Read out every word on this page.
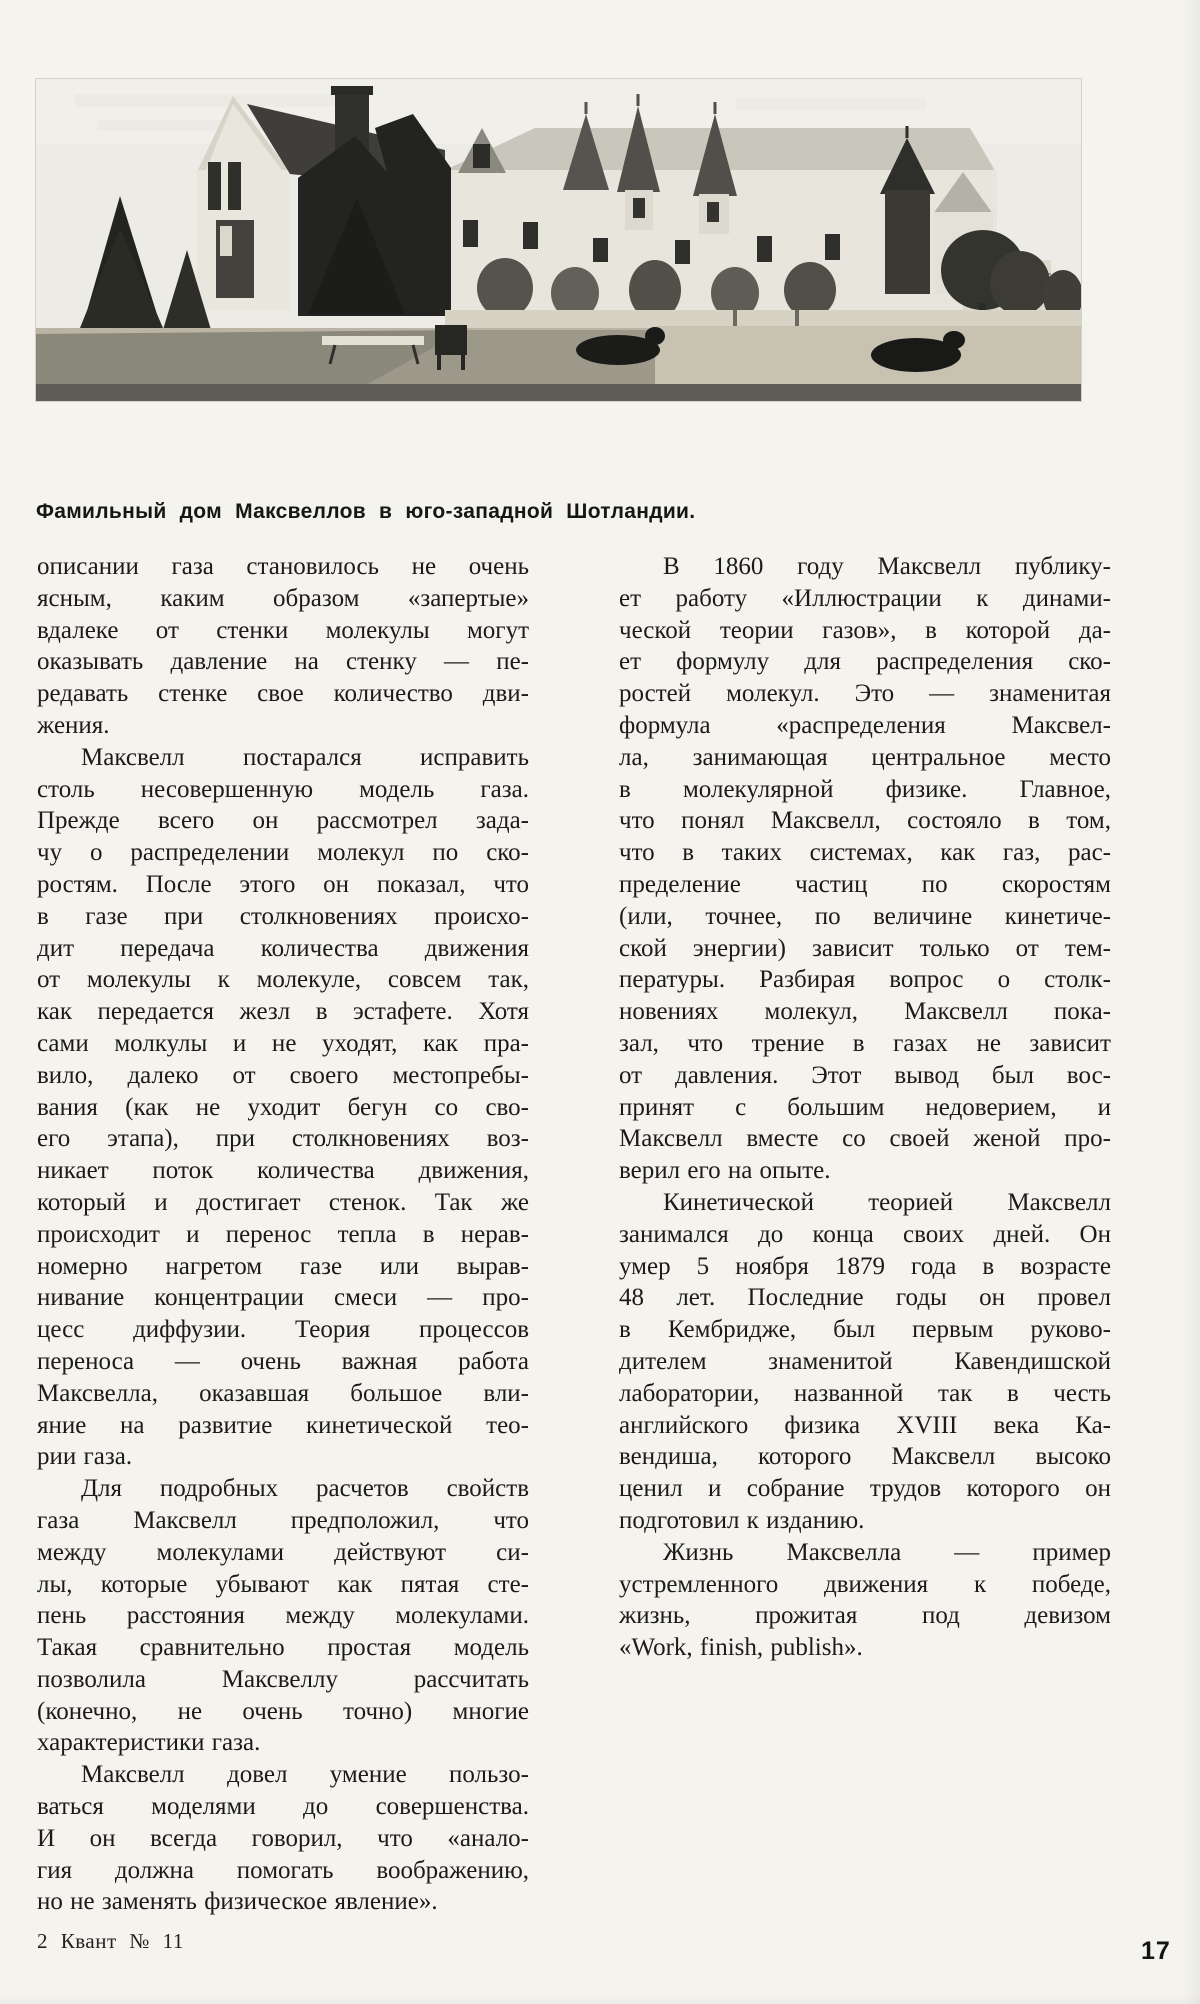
Фамильный дом Максвеллов в юго-западной Шотландии.

описании газа становилось не очень
ясным, каким образом «запертые»
вдалеке от стенки молекулы могут
оказывать давление на стенку — пе-
редавать стенке свое количество дви-
жения.
Максвелл постарался исправить
столь несовершенную модель газа.
Прежде всего он рассмотрел зада-
чу о распределении молекул по ско-
ростям. После этого он показал, что
в газе при столкновениях происхо-
дит передача количества движения
от молекулы к молекуле, совсем так,
как передается жезл в эстафете. Хотя
сами молкулы и не уходят, как пра-
вило, далеко от своего местопребы-
вания (как не уходит бегун со сво-
его этапа), при столкновениях воз-
никает поток количества движения,
который и достигает стенок. Так же
происходит и перенос тепла в нерав-
номерно нагретом газе или вырав-
нивание концентрации смеси — про-
цесс диффузии. Теория процессов
переноса — очень важная работа
Максвелла, оказавшая большое вли-
яние на развитие кинетической тео-
рии газа.
Для подробных расчетов свойств
газа Максвелл предположил, что
между молекулами действуют си-
лы, которые убывают как пятая сте-
пень расстояния между молекулами.
Такая сравнительно простая модель
позволила Максвеллу рассчитать
(конечно, не очень точно) многие
характеристики газа.
Максвелл довел умение пользо-
ваться моделями до совершенства.
И он всегда говорил, что «анало-
гия должна помогать воображению,
но не заменять физическое явление».
В 1860 году Максвелл публику-
ет работу «Иллюстрации к динами-
ческой теории газов», в которой да-
ет формулу для распределения ско-
ростей молекул. Это — знаменитая
формула «распределения Максвел-
ла, занимающая центральное место
в молекулярной физике. Главное,
что понял Максвелл, состояло в том,
что в таких системах, как газ, рас-
пределение частиц по скоростям
(или, точнее, по величине кинетиче-
ской энергии) зависит только от тем-
пературы. Разбирая вопрос о столк-
новениях молекул, Максвелл пока-
зал, что трение в газах не зависит
от давления. Этот вывод был вос-
принят с большим недоверием, и
Максвелл вместе со своей женой про-
верил его на опыте.
Кинетической теорией Максвелл
занимался до конца своих дней. Он
умер 5 ноября 1879 года в возрасте
48 лет. Последние годы он провел
в Кембридже, был первым руково-
дителем знаменитой Кавендишской
лаборатории, названной так в честь
английского физика XVIII века Ка-
вендиша, которого Максвелл высоко
ценил и собрание трудов которого он
подготовил к изданию.
Жизнь Максвелла — пример
устремленного движения к победе,
жизнь, прожитая под девизом
«Work, finish, publish».
2 Квант № 11	17
